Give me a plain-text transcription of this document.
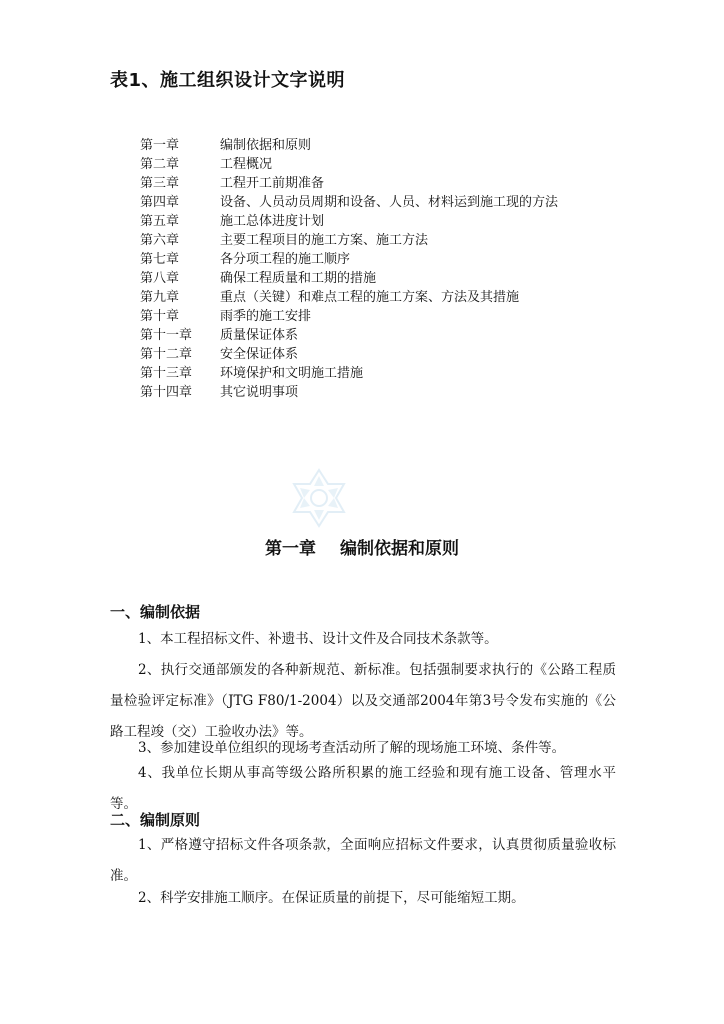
表1、施工组织设计文字说明
第一章	编制依据和原则
第二章	工程概况
第三章	工程开工前期准备
第四章	设备、人员动员周期和设备、人员、材料运到施工现的方法
第五章	施工总体进度计划
第六章	主要工程项目的施工方案、施工方法
第七章	各分项工程的施工顺序
第八章	确保工程质量和工期的措施
第九章	重点（关键）和难点工程的施工方案、方法及其措施
第十章	雨季的施工安排
第十一章	质量保证体系
第十二章	安全保证体系
第十三章	环境保护和文明施工措施
第十四章	其它说明事项
第一章 编制依据和原则
一、编制依据
1、本工程招标文件、补遗书、设计文件及合同技术条款等。
2、执行交通部颁发的各种新规范、新标准。包括强制要求执行的《公路工程质量检验评定标准》（JTG F80/1-2004）以及交通部2004年第3号令发布实施的《公路工程竣（交）工验收办法》等。
3、参加建设单位组织的现场考查活动所了解的现场施工环境、条件等。
4、我单位长期从事高等级公路所积累的施工经验和现有施工设备、管理水平等。
二、编制原则
1、严格遵守招标文件各项条款，全面响应招标文件要求，认真贯彻质量验收标准。
2、科学安排施工顺序。在保证质量的前提下，尽可能缩短工期。
